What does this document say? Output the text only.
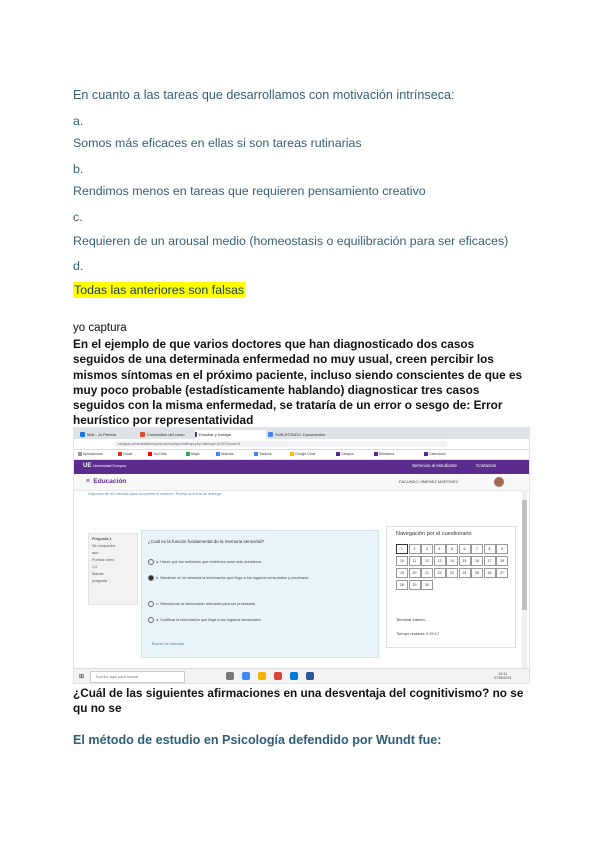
En cuanto a las tareas que desarrollamos con motivación intrínseca:
a.
Somos más eficaces en ellas si son tareas rutinarias
b.
Rendimos menos en tareas que requieren pensamiento creativo
c.
Requieren de un arousal medio (homeostasis o equilibración para ser eficaces)
d.
Todas las anteriores son falsas
yo captura
En el ejemplo de que varios doctores que han diagnosticado dos casos seguidos de una determinada enfermedad no muy usual, creen percibir los mismos síntomas en el próximo paciente, incluso siendo conscientes de que es muy poco probable (estadísticamente hablando) diagnosticar tres casos seguidos con la misma enfermedad, se trataría de un error o sesgo de: Error heurístico por representatividad
Mail - Jo Pereira	Estudiar y trabajar
Contenidos del curso	SUB-ESTADO: Documentos
campus.universidadeuropea.es/mod/quiz/attempt.php?attempt=41307&cmid=5
Aplicaciones	Gmail	YouTube	Maps	Noticias	Traducir	Google Drive	Campus	Biblioteca	Calendario
UE Universidad Europea	Servicios al estudiante	Contactos
≡  Educación	FACUNDO JIMENEZ MARTINEZ
Dispones de 45 minutos para completar el examen. Revisa la fecha de entrega.
Pregunta 1
Sin responder
aún
Puntúa como
1,0
Marcar
pregunta
¿Cuál es la función fundamental de la memoria sensorial?
a. Hacer que los estímulos que recibimos sean más duraderos
b. Mantener en la memoria la información que llega a los órganos sensoriales y procesarla
c. Seleccionar la información relevante para ser procesada
d. Codificar la información que llega a los órganos sensoriales
Borrar mi elección
Navegación por el cuestionario
1	2	3	4	5	6	7	8	9
10	11	12	13	14	15	16	17	18
19	20	21	22	23	24	25	26	27
28	29	30
Terminar intento...
Tiempo restante 0:29:17
⊞	Escribe aquí para buscar
12:41
07/06/2021
¿Cuál de las siguientes afirmaciones en una desventaja del cognitivismo? no se qu no se
El método de estudio en Psicología defendido por Wundt fue:
